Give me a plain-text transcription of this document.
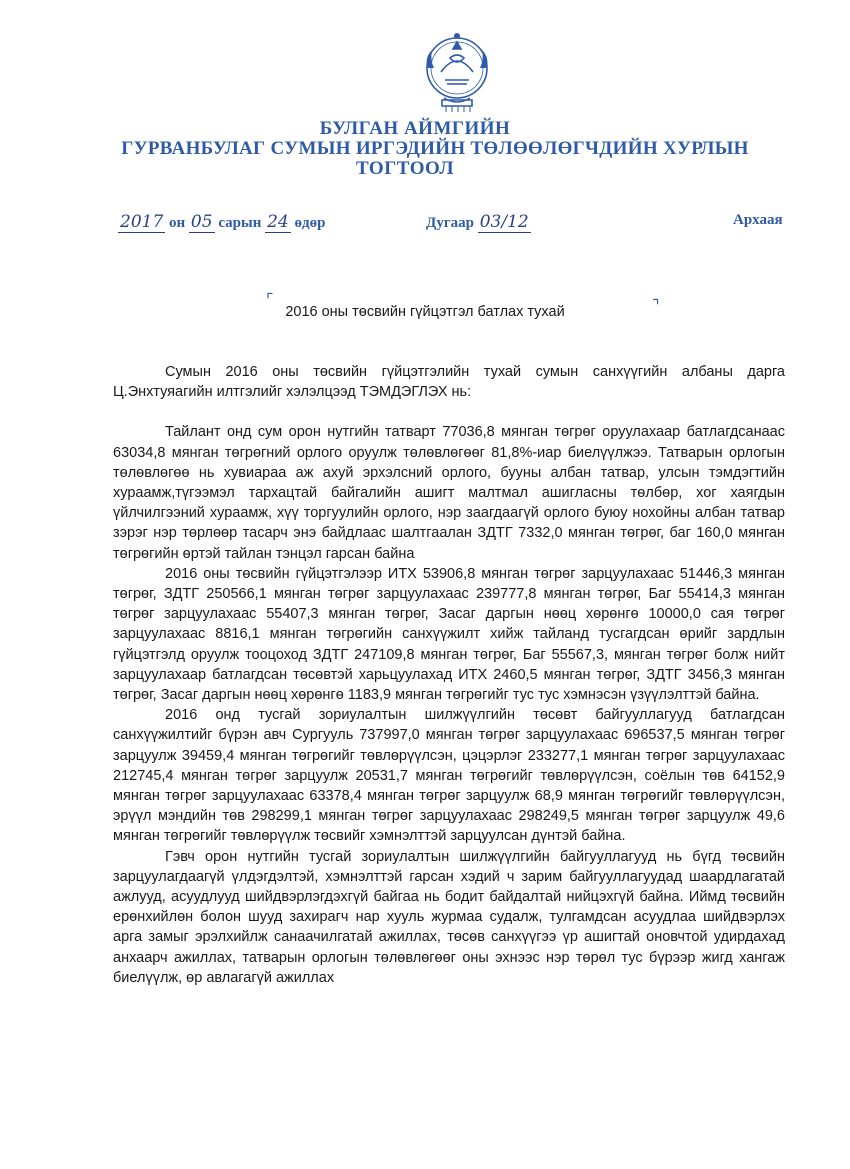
БУЛГАН АЙМГИЙН
ГУРВАНБУЛАГ СУМЫН ИРГЭДИЙН ТӨЛӨӨЛӨГЧДИЙН ХУРЛЫН
ТОГТООЛ
2017 он 05 сарын 24 өдөр	Дугаар 03/12	Архаая
⌜	⌝
2016 оны төсвийн гүйцэтгэл батлах тухай

Сумын 2016 оны төсвийн гүйцэтгэлийн тухай сумын санхүүгийн албаны дарга Ц.Энхтуяагийн илтгэлийг хэлэлцээд ТЭМДЭГЛЭХ нь:

Тайлант онд сум орон нутгийн татварт 77036,8 мянган төгрөг оруулахаар батлагдсанаас 63034,8 мянган төгрөгний орлого оруулж төлөвлөгөөг 81,8%-иар биелүүлжээ. Татварын орлогын төлөвлөгөө нь хувиараа аж ахуй эрхэлсний орлого, бууны албан татвар, улсын тэмдэгтийн хураамж,түгээмэл тархацтай байгалийн ашигт малтмал ашигласны төлбөр, хог хаягдын үйлчилгээний хураамж, хүү торгуулийн орлого, нэр заагдаагүй орлого буюу нохойны албан татвар зэрэг нэр төрлөөр тасарч энэ байдлаас шалтгаалан ЗДТГ 7332,0 мянган төгрөг, баг 160,0 мянган төгрөгийн өртэй тайлан тэнцэл гарсан байна

2016 оны төсвийн гүйцэтгэлээр ИТХ 53906,8 мянган төгрөг зарцуулахаас 51446,3 мянган төгрөг, ЗДТГ 250566,1 мянган төгрөг зарцуулахаас 239777,8 мянган төгрөг, Баг 55414,3 мянган төгрөг зарцуулахаас 55407,3 мянган төгрөг, Засаг даргын нөөц хөрөнгө 10000,0 сая төгрөг зарцуулахаас 8816,1 мянган төгрөгийн санхүүжилт хийж тайланд тусгагдсан өрийг зардлын гүйцэтгэлд оруулж тооцоход ЗДТГ 247109,8 мянган төгрөг, Баг 55567,3, мянган төгрөг болж нийт зарцуулахаар батлагдсан төсөвтэй харьцуулахад ИТХ 2460,5 мянган төгрөг, ЗДТГ 3456,3 мянган төгрөг, Засаг даргын нөөц хөрөнгө 1183,9 мянган төгрөгийг тус тус хэмнэсэн үзүүлэлттэй байна.

2016 онд тусгай зориулалтын шилжүүлгийн төсөвт байгууллагууд батлагдсан санхүүжилтийг бүрэн авч Сургууль 737997,0 мянган төгрөг зарцуулахаас 696537,5 мянган төгрөг зарцуулж 39459,4 мянган төгрөгийг төвлөрүүлсэн, цэцэрлэг 233277,1 мянган төгрөг зарцуулахаас 212745,4 мянган төгрөг зарцуулж 20531,7 мянган төгрөгийг төвлөрүүлсэн, соёлын төв 64152,9 мянган төгрөг зарцуулахаас 63378,4 мянган төгрөг зарцуулж 68,9 мянган төгрөгийг төвлөрүүлсэн, эрүүл мэндийн төв 298299,1 мянган төгрөг зарцуулахаас 298249,5 мянган төгрөг зарцуулж 49,6 мянган төгрөгийг төвлөрүүлж төсвийг хэмнэлттэй зарцуулсан дүнтэй байна.

Гэвч орон нутгийн тусгай зориулалтын шилжүүлгийн байгууллагууд нь бүгд төсвийн зарцуулагдаагүй үлдэгдэлтэй, хэмнэлттэй гарсан хэдий ч зарим байгууллагуудад шаардлагатай ажлууд, асуудлууд шийдвэрлэгдэхгүй байгаа нь бодит байдалтай нийцэхгүй байна. Иймд төсвийн ерөнхийлөн болон шууд захирагч нар хууль журмаа судалж, тулгамдсан асуудлаа шийдвэрлэх арга замыг эрэлхийлж санаачилгатай ажиллах, төсөв санхүүгээ үр ашигтай оновчтой удирдахад анхаарч ажиллах, татварын орлогын төлөвлөгөөг оны эхнээс нэр төрөл тус бүрээр жигд хангаж биелүүлж, өр авлагагүй ажиллах
